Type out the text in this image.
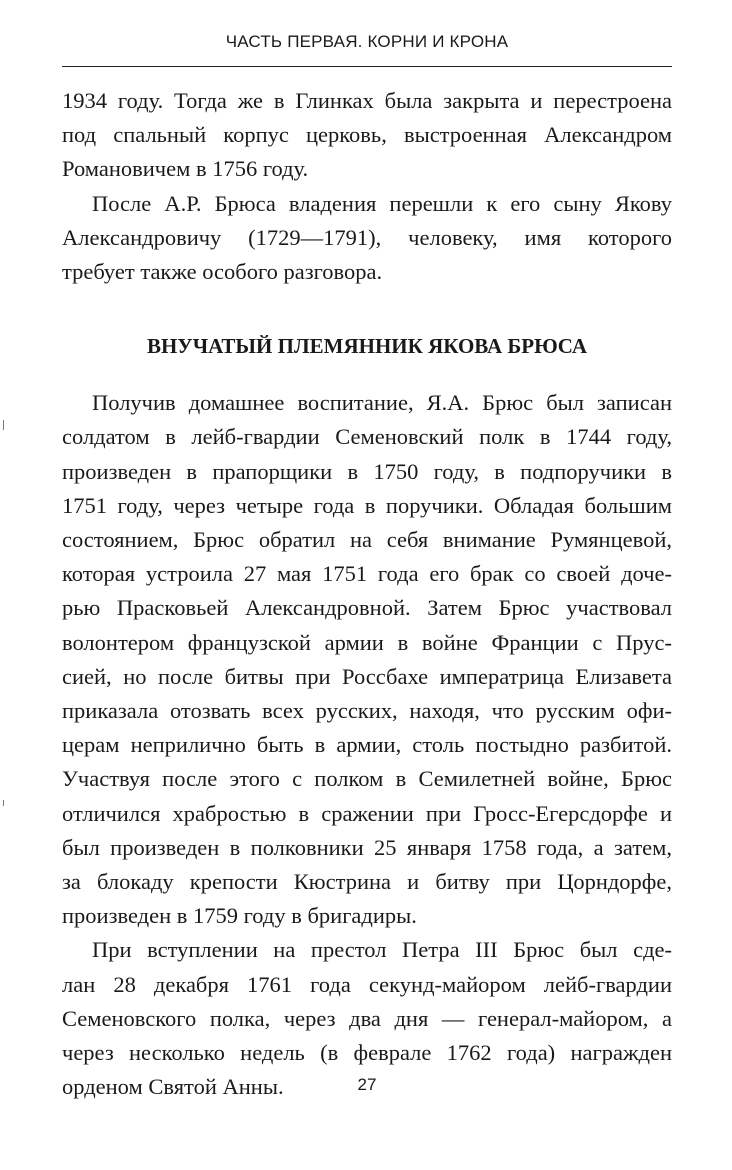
ЧАСТЬ ПЕРВАЯ. КОРНИ И КРОНА
1934 году. Тогда же в Глинках была закрыта и перестроена
под спальный корпус церковь, выстроенная Александром
Романовичем в 1756 году.
После А.Р. Брюса владения перешли к его сыну Якову
Александровичу (1729—1791), человеку, имя которого
требует также особого разговора.
ВНУЧАТЫЙ ПЛЕМЯННИК ЯКОВА БРЮСА
Получив домашнее воспитание, Я.А. Брюс был записан
солдатом в лейб-гвардии Семеновский полк в 1744 году,
произведен в прапорщики в 1750 году, в подпоручики в
1751 году, через четыре года в поручики. Обладая большим
состоянием, Брюс обратил на себя внимание Румянцевой,
которая устроила 27 мая 1751 года его брак со своей доче-
рью Прасковьей Александровной. Затем Брюс участвовал
волонтером французской армии в войне Франции с Прус-
сией, но после битвы при Россбахе императрица Елизавета
приказала отозвать всех русских, находя, что русским офи-
церам неприлично быть в армии, столь постыдно разбитой.
Участвуя после этого с полком в Семилетней войне, Брюс
отличился храбростью в сражении при Гросс-Егерсдорфе и
был произведен в полковники 25 января 1758 года, а затем,
за блокаду крепости Кюстрина и битву при Цорндорфе,
произведен в 1759 году в бригадиры.
При вступлении на престол Петра III Брюс был сде-
лан 28 декабря 1761 года секунд-майором лейб-гвардии
Семеновского полка, через два дня — генерал-майором, а
через несколько недель (в феврале 1762 года) награжден
орденом Святой Анны.	27
